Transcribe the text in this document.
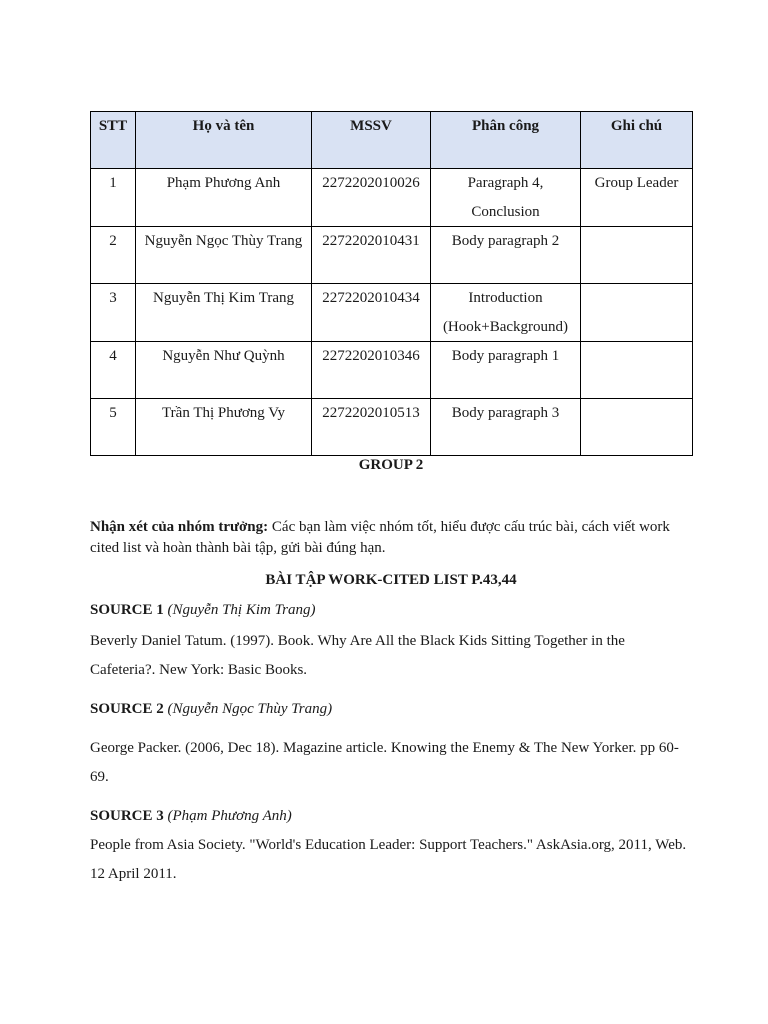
STT	Họ và tên	MSSV	Phân công	Ghi chú
1	Phạm Phương Anh	2272202010026	Paragraph 4, Conclusion	Group Leader
2	Nguyễn Ngọc Thùy Trang	2272202010431	Body paragraph 2	
3	Nguyễn Thị Kim Trang	2272202010434	Introduction (Hook+Background)	
4	Nguyễn Như Quỳnh	2272202010346	Body paragraph 1	
5	Trần Thị Phương Vy	2272202010513	Body paragraph 3	
GROUP 2
Nhận xét của nhóm trưởng: Các bạn làm việc nhóm tốt, hiểu được cấu trúc bài, cách viết work cited list và hoàn thành bài tập, gửi bài đúng hạn.
BÀI TẬP WORK-CITED LIST P.43,44
SOURCE 1 (Nguyễn Thị Kim Trang)
Beverly Daniel Tatum. (1997). Book. Why Are All the Black Kids Sitting Together in the Cafeteria?. New York: Basic Books.
SOURCE 2 (Nguyễn Ngọc Thùy Trang)
George Packer. (2006, Dec 18). Magazine article. Knowing the Enemy & The New Yorker. pp 60-69.
SOURCE 3 (Phạm Phương Anh)
People from Asia Society. "World's Education Leader: Support Teachers." AskAsia.org, 2011, Web. 12 April 2011.
